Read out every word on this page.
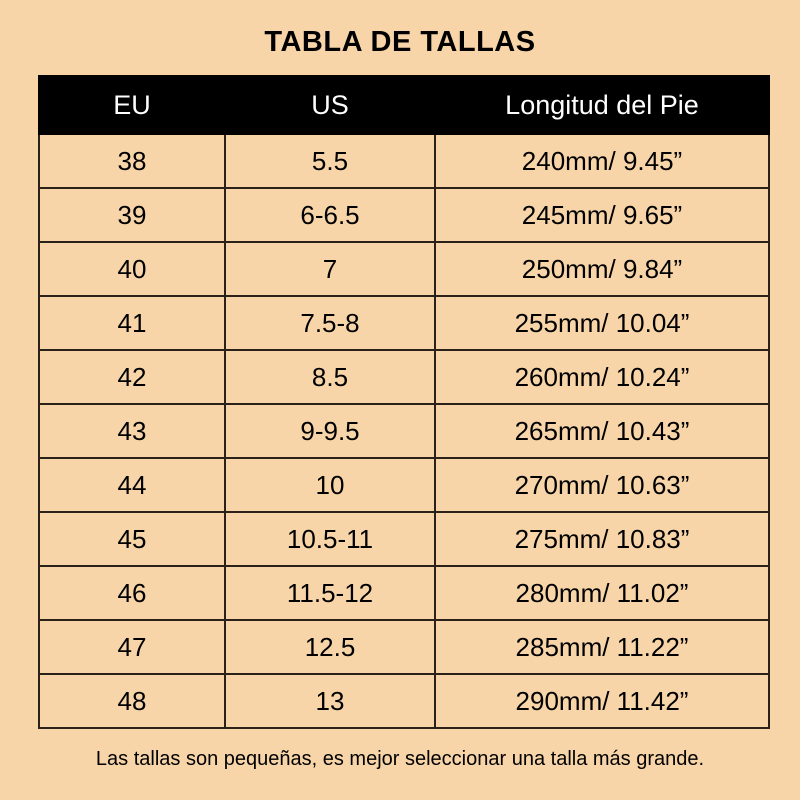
TABLA DE TALLAS
EU	US	Longitud del Pie
38	5.5	240mm/ 9.45”
39	6-6.5	245mm/ 9.65”
40	7	250mm/ 9.84”
41	7.5-8	255mm/ 10.04”
42	8.5	260mm/ 10.24”
43	9-9.5	265mm/ 10.43”
44	10	270mm/ 10.63”
45	10.5-11	275mm/ 10.83”
46	11.5-12	280mm/ 11.02”
47	12.5	285mm/ 11.22”
48	13	290mm/ 11.42”
Las tallas son pequeñas, es mejor seleccionar una talla más grande.
